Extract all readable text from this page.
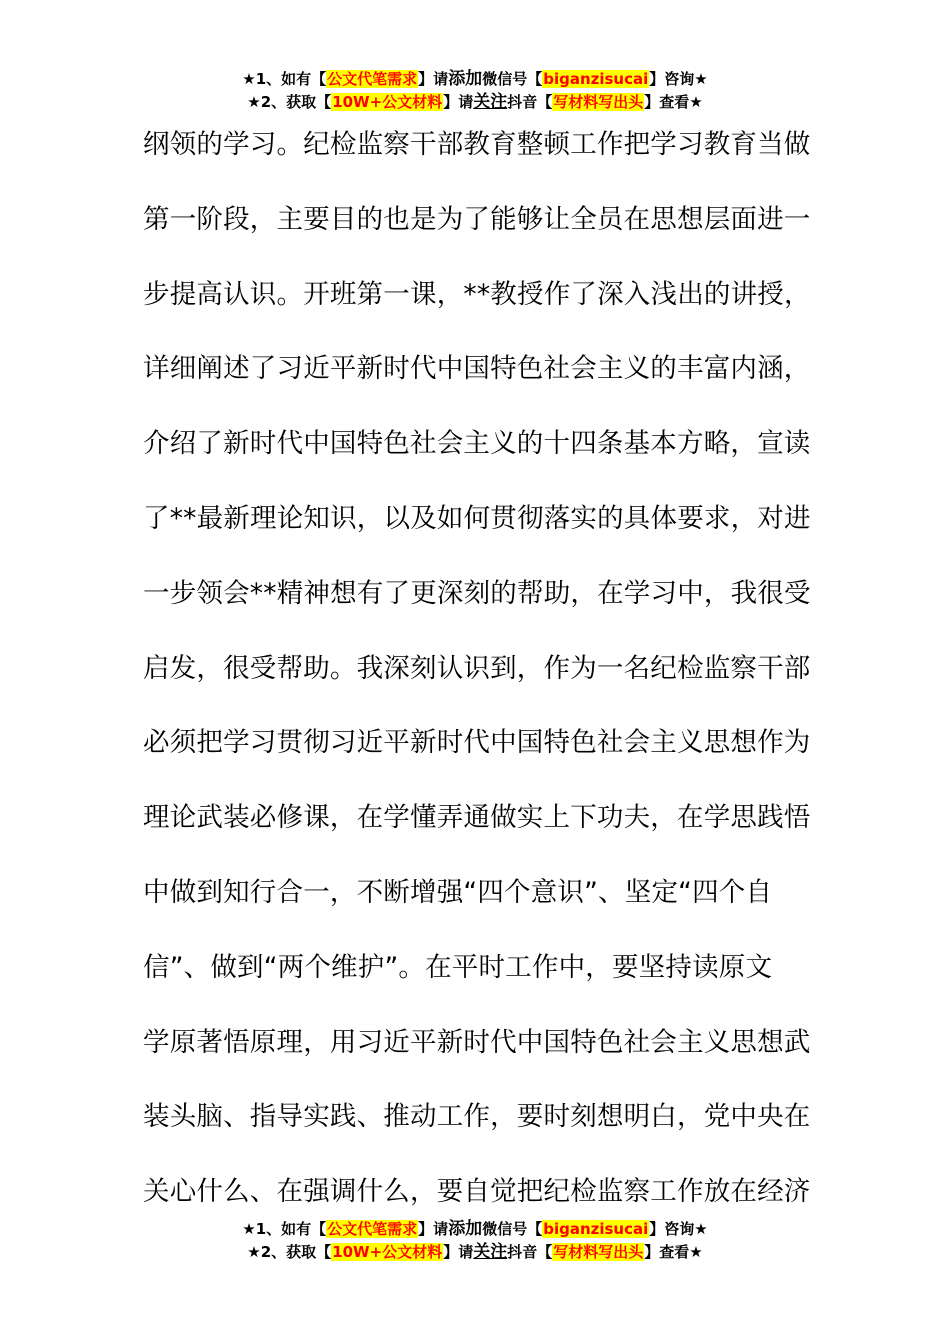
★1、如有【公文代笔需求】请添加微信号【biganzisucai】咨询★
★2、获取【10W+公文材料】请关注抖音【写材料写出头】查看★
纲领的学习。纪检监察干部教育整顿工作把学习教育当做
第一阶段，主要目的也是为了能够让全员在思想层面进一
步提高认识。开班第一课，**教授作了深入浅出的讲授，
详细阐述了习近平新时代中国特色社会主义的丰富内涵，
介绍了新时代中国特色社会主义的十四条基本方略，宣读
了**最新理论知识，以及如何贯彻落实的具体要求，对进
一步领会**精神想有了更深刻的帮助，在学习中，我很受
启发，很受帮助。我深刻认识到，作为一名纪检监察干部
必须把学习贯彻习近平新时代中国特色社会主义思想作为
理论武装必修课，在学懂弄通做实上下功夫，在学思践悟
中做到知行合一，不断增强“四个意识”、坚定“四个自
信”、做到“两个维护”。在平时工作中，要坚持读原文
学原著悟原理，用习近平新时代中国特色社会主义思想武
装头脑、指导实践、推动工作，要时刻想明白，党中央在
关心什么、在强调什么，要自觉把纪检监察工作放在经济
★1、如有【公文代笔需求】请添加微信号【biganzisucai】咨询★
★2、获取【10W+公文材料】请关注抖音【写材料写出头】查看★
